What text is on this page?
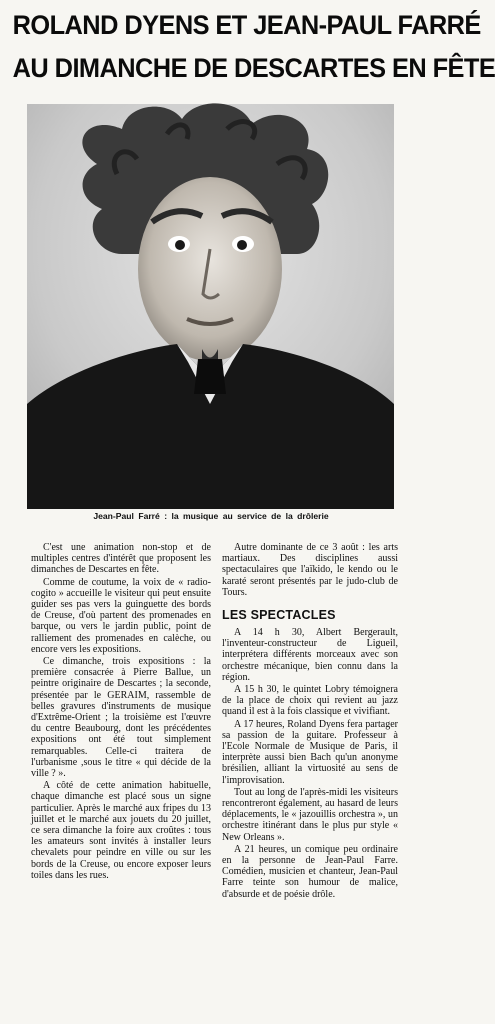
ROLAND DYENS ET JEAN-PAUL FARRÉ
AU DIMANCHE DE DESCARTES EN FÊTE
Jean-Paul Farré : la musique au service de la drôlerie

C'est une animation non-stop et de multiples centres d'intérêt que proposent les dimanches de Descartes en fête.

Comme de coutume, la voix de « radio-cogito » accueille le visiteur qui peut ensuite guider ses pas vers la guinguette des bords de Creuse, d'où partent des promenades en barque, ou vers le jardin public, point de ralliement des promenades en calèche, ou encore vers les expositions.

Ce dimanche, trois expositions : la première consacrée à Pierre Ballue, un peintre originaire de Descartes ; la seconde, présentée par le GERAIM, rassemble de belles gravures d'instruments de musique d'Extrême-Orient ; la troisième est l'œuvre du centre Beaubourg, dont les précédentes expositions ont été tout simplement remarquables. Celle-ci traitera de l'urbanisme ,sous le titre « qui décide de la ville ? ».

A côté de cette animation habituelle, chaque dimanche est placé sous un signe particulier. Après le marché aux fripes du 13 juillet et le marché aux jouets du 20 juillet, ce sera dimanche la foire aux croûtes : tous les amateurs sont invités à installer leurs chevalets pour peindre en ville ou sur les bords de la Creuse, ou encore exposer leurs toiles dans les rues.

Autre dominante de ce 3 août : les arts martiaux. Des disciplines aussi spectaculaires que l'aïkido, le kendo ou le karaté seront présentés par le judo-club de Tours.

LES SPECTACLES

A 14 h 30, Albert Bergerault, l'inventeur-constructeur de Ligueil, interprétera différents morceaux avec son orchestre mécanique, bien connu dans la région.

A 15 h 30, le quintet Lobry témoignera de la place de choix qui revient au jazz quand il est à la fois classique et vivifiant.

A 17 heures, Roland Dyens fera partager sa passion de la guitare. Professeur à l'Ecole Normale de Musique de Paris, il interprète aussi bien Bach qu'un anonyme brésilien, alliant la virtuosité au sens de l'improvisation.

Tout au long de l'après-midi les visiteurs rencontreront également, au hasard de leurs déplacements, le « jazouillis orchestra », un orchestre itinérant dans le plus pur style « New Orleans ».

A 21 heures, un comique peu ordinaire en la personne de Jean-Paul Farre. Comédien, musicien et chanteur, Jean-Paul Farre teinte son humour de malice, d'absurde et de poésie drôle.
